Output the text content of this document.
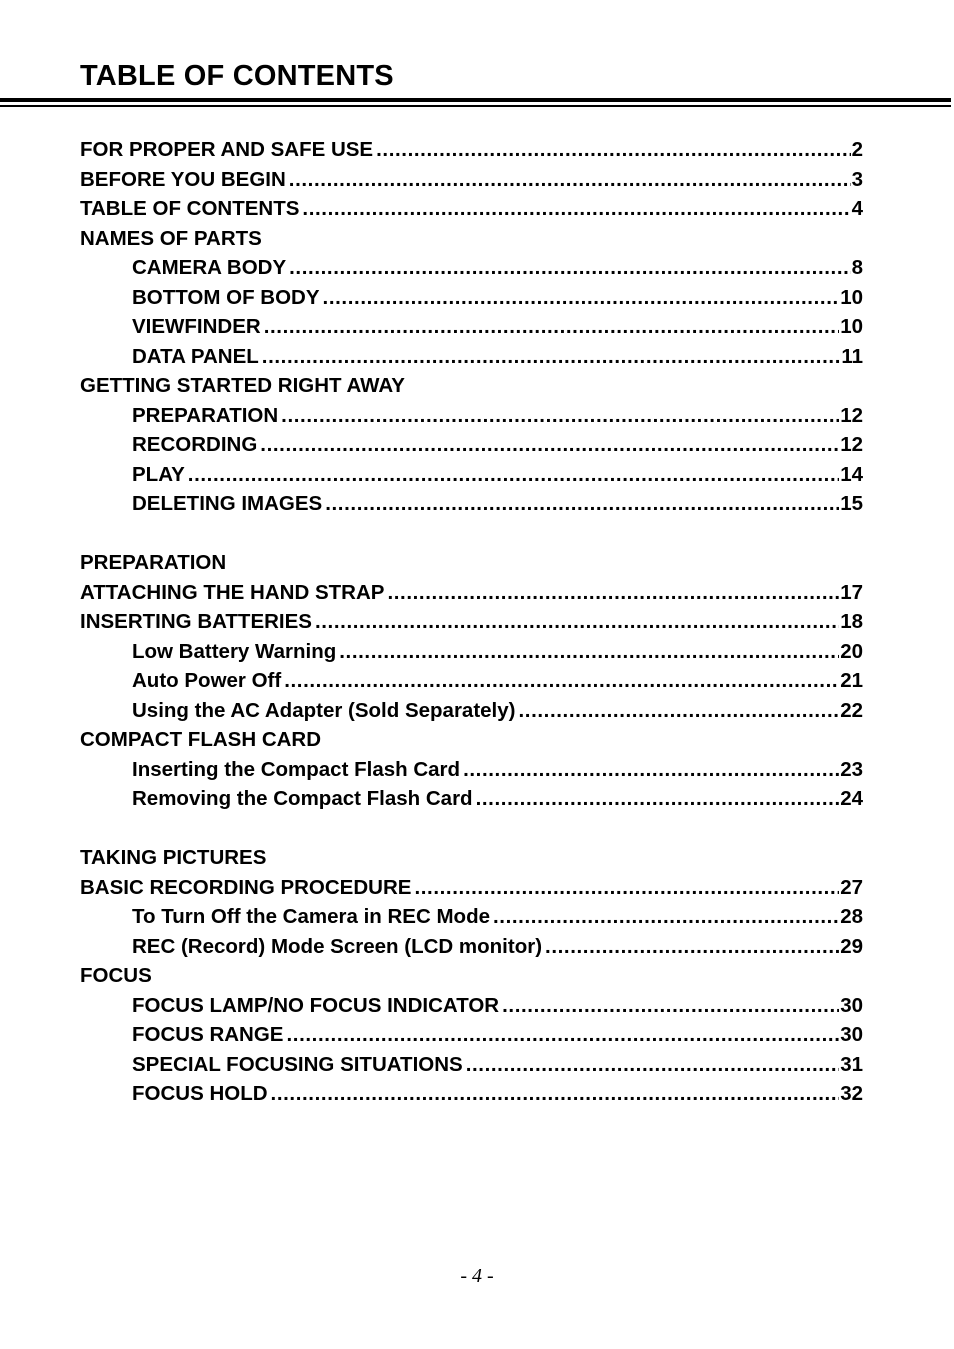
TABLE OF CONTENTS
FOR PROPER AND SAFE USE .....	2
BEFORE YOU BEGIN .....	3
TABLE OF CONTENTS .....	4
NAMES OF PARTS
CAMERA BODY .....	8
BOTTOM OF BODY .....	10
VIEWFINDER .....	10
DATA PANEL .....	11
GETTING STARTED RIGHT AWAY
PREPARATION .....	12
RECORDING .....	12
PLAY .....	14
DELETING IMAGES .....	15
PREPARATION
ATTACHING THE HAND STRAP .....	17
INSERTING BATTERIES .....	18
Low Battery Warning .....	20
Auto Power Off .....	21
Using the AC Adapter (Sold Separately) .....	22
COMPACT FLASH CARD
Inserting the Compact Flash Card .....	23
Removing the Compact Flash Card .....	24
TAKING PICTURES
BASIC RECORDING PROCEDURE .....	27
To Turn Off the Camera in REC Mode .....	28
REC (Record) Mode Screen (LCD monitor) .....	29
FOCUS
FOCUS LAMP/NO FOCUS INDICATOR .....	30
FOCUS RANGE .....	30
SPECIAL FOCUSING SITUATIONS .....	31
FOCUS HOLD .....	32
- 4 -
